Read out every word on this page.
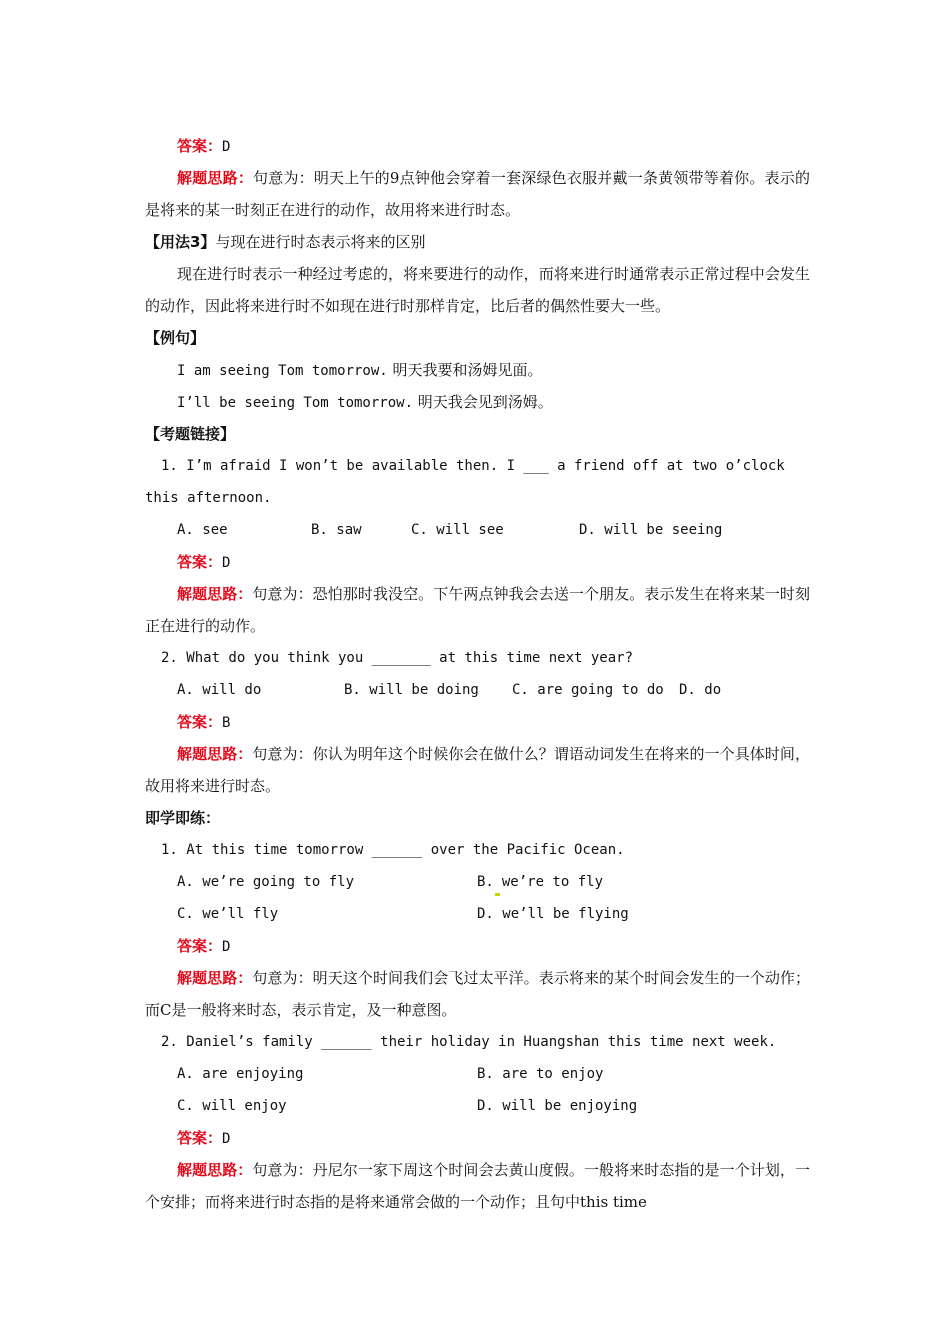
答案：D
解题思路：句意为：明天上午的9点钟他会穿着一套深绿色衣服并戴一条黄领带等着你。表示的是将来的某一时刻正在进行的动作，故用将来进行时态。
【用法3】与现在进行时态表示将来的区别
现在进行时表示一种经过考虑的，将来要进行的动作，而将来进行时通常表示正常过程中会发生的动作，因此将来进行时不如现在进行时那样肯定，比后者的偶然性要大一些。
【例句】
I am seeing Tom tomorrow. 明天我要和汤姆见面。
I’ll be seeing Tom tomorrow. 明天我会见到汤姆。
【考题链接】
1. I’m afraid I won’t be available then. I ___ a friend off at two o’clock
this afternoon.
A. see	B. saw	C. will see	D. will be seeing
答案：D
解题思路：句意为：恐怕那时我没空。下午两点钟我会去送一个朋友。表示发生在将来某一时刻正在进行的动作。
2. What do you think you _______ at this time next year?
A. will do	B. will be doing	C. are going to do	D. do
答案：B
解题思路：句意为：你认为明年这个时候你会在做什么？谓语动词发生在将来的一个具体时间，故用将来进行时态。
即学即练：
1. At this time tomorrow ______ over the Pacific Ocean.
A. we’re going to fly	B. we’re to fly
C. we’ll fly	D. we’ll be flying
答案：D
解题思路：句意为：明天这个时间我们会飞过太平洋。表示将来的某个时间会发生的一个动作；而C是一般将来时态，表示肯定，及一种意图。
2. Daniel’s family ______ their holiday in Huangshan this time next week.
A. are enjoying	B. are to enjoy
C. will enjoy	D. will be enjoying
答案：D
解题思路：句意为：丹尼尔一家下周这个时间会去黄山度假。一般将来时态指的是一个计划，一个安排；而将来进行时态指的是将来通常会做的一个动作；且句中this time
